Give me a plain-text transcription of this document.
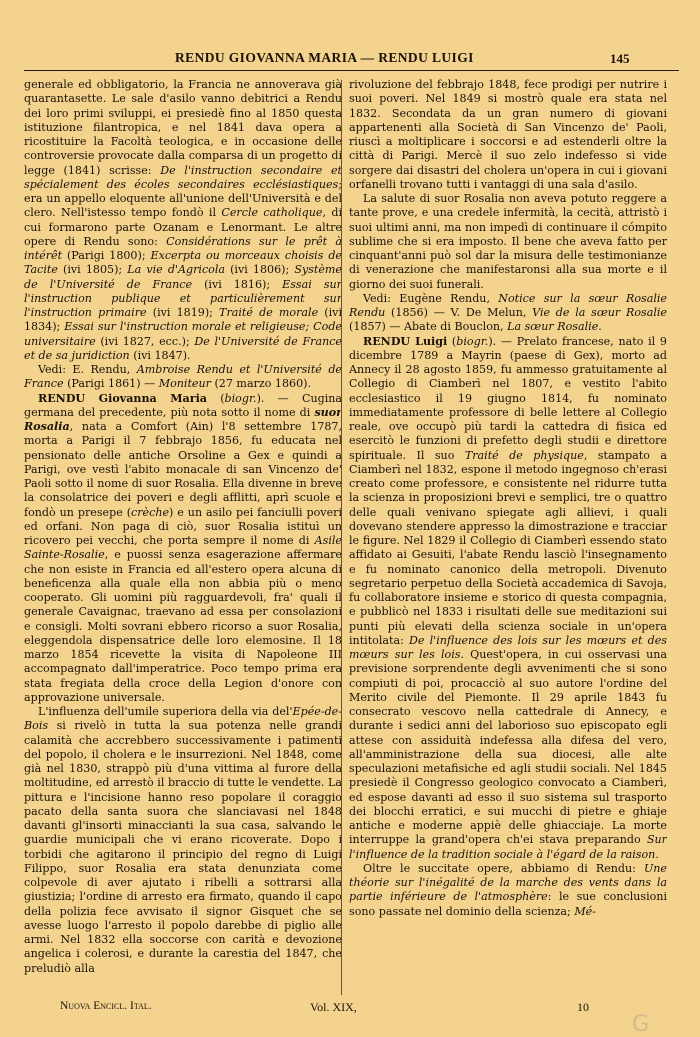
RENDU GIOVANNA MARIA — RENDU LUIGI	145

generale ed obbligatorio, la Francia ne annoverava già quarantasette. Le sale d'asilo vanno debitrici a Rendu dei loro primi sviluppi, ei presiedè fino al 1850 questa istituzione filantropica, e nel 1841 dava opera a ricostituire la Facoltà teologica, e in occasione delle controversie provocate dalla comparsa di un progetto di legge (1841) scrisse: De l'instruction secondaire et spécialement des écoles secondaires ecclésiastiques; era un appello eloquente all'unione dell'Università e del clero. Nell'istesso tempo fondò il Cercle catholique, di cui formarono parte Ozanam e Lenormant. Le altre opere di Rendu sono: Considérations sur le prêt à intérêt (Parigi 1800); Excerpta ou morceaux choisis de Tacite (ivi 1805); La vie d'Agricola (ivi 1806); Système de l'Université de France (ivi 1816); Essai sur l'instruction publique et particulièrement sur l'instruction primaire (ivi 1819); Traité de morale (ivi 1834); Essai sur l'instruction morale et religieuse; Code universitaire (ivi 1827, ecc.); De l'Université de France et de sa juridiction (ivi 1847).

Vedi: E. Rendu, Ambroise Rendu et l'Université de France (Parigi 1861) — Moniteur (27 marzo 1860).

RENDU Giovanna Maria (biogr.). — Cugina germana del precedente, più nota sotto il nome di suor Rosalia, nata a Comfort (Ain) l'8 settembre 1787, morta a Parigi il 7 febbrajo 1856, fu educata nel pensionato delle antiche Orsoline a Gex e quindi a Parigi, ove vestì l'abito monacale di san Vincenzo de' Paoli sotto il nome di suor Rosalia. Ella divenne in breve la consolatrice dei poveri e degli afflitti, aprì scuole e fondò un presepe (crèche) e un asilo pei fanciulli poveri ed orfani. Non paga di ciò, suor Rosalia istituì un ricovero pei vecchi, che porta sempre il nome di Asile Sainte-Rosalie, e puossi senza esagerazione affermare che non esiste in Francia ed all'estero opera alcuna di beneficenza alla quale ella non abbia più o meno cooperato. Gli uomini più ragguardevoli, fra' quali il generale Cavaignac, traevano ad essa per consolazioni e consigli. Molti sovrani ebbero ricorso a suor Rosalia, eleggendola dispensatrice delle loro elemosine. Il 18 marzo 1854 ricevette la visita di Napoleone III accompagnato dall'imperatrice. Poco tempo prima era stata fregiata della croce della Legion d'onore con approvazione universale.

L'influenza dell'umile superiora della via del'Epée-de-Bois si rivelò in tutta la sua potenza nelle grandi calamità che accrebbero successivamente i patimenti del popolo, il cholera e le insurrezioni. Nel 1848, come già nel 1830, strappò più d'una vittima al furore della moltitudine, ed arrestò il braccio di tutte le vendette. La pittura e l'incisione hanno reso popolare il coraggio pacato della santa suora che slanciavasi nel 1848 davanti gl'insorti minaccianti la sua casa, salvando le guardie municipali che vi erano ricoverate. Dopo i torbidi che agitarono il principio del regno di Luigi Filippo, suor Rosalia era stata denunziata come colpevole di aver ajutato i ribelli a sottrarsi alla giustizia; l'ordine di arresto era firmato, quando il capo della polizia fece avvisato il signor Gisquet che se avesse luogo l'arresto il popolo darebbe di piglio alle armi. Nel 1832 ella soccorse con carità e devozione angelica i colerosi, e durante la carestia del 1847, che preludiò alla

rivoluzione del febbrajo 1848, fece prodigi per nutrire i suoi poveri. Nel 1849 si mostrò quale era stata nel 1832. Secondata da un gran numero di giovani appartenenti alla Società di San Vincenzo de' Paoli, riuscì a moltiplicare i soccorsi e ad estenderli oltre la città di Parigi. Mercè il suo zelo indefesso si vide sorgere dai disastri del cholera un'opera in cui i giovani orfanelli trovano tutti i vantaggi di una sala d'asilo.

La salute di suor Rosalia non aveva potuto reggere a tante prove, e una credele infermità, la cecità, attristò i suoi ultimi anni, ma non impedì di continuare il cómpito sublime che si era imposto. Il bene che aveva fatto per cinquant'anni può sol dar la misura delle testimonianze di venerazione che manifestaronsi alla sua morte e il giorno dei suoi funerali.

Vedi: Eugène Rendu, Notice sur la sœur Rosalie Rendu (1856) — V. De Melun, Vie de la sœur Rosalie (1857) — Abate di Bouclon, La sœur Rosalie.

RENDU Luigi (biogr.). — Prelato francese, nato il 9 dicembre 1789 a Mayrin (paese di Gex), morto ad Annecy il 28 agosto 1859, fu ammesso gratuitamente al Collegio di Ciamberì nel 1807, e vestito l'abito ecclesiastico il 19 giugno 1814, fu nominato immediatamente professore di belle lettere al Collegio reale, ove occupò più tardi la cattedra di fisica ed esercitò le funzioni di prefetto degli studii e direttore spirituale. Il suo Traité de physique, stampato a Ciamberì nel 1832, espone il metodo ingegnoso ch'erasi creato come professore, e consistente nel ridurre tutta la scienza in proposizioni brevi e semplici, tre o quattro delle quali venivano spiegate agli allievi, i quali dovevano stendere appresso la dimostrazione e tracciar le figure. Nel 1829 il Collegio di Ciamberì essendo stato affidato ai Gesuiti, l'abate Rendu lasciò l'insegnamento e fu nominato canonico della metropoli. Divenuto segretario perpetuo della Società accademica di Savoja, fu collaboratore insieme e storico di questa compagnia, e pubblicò nel 1833 i risultati delle sue meditazioni sui punti più elevati della scienza sociale in un'opera intitolata: De l'influence des lois sur les mœurs et des mœurs sur les lois. Quest'opera, in cui osservasi una previsione sorprendente degli avvenimenti che si sono compiuti di poi, procacciò al suo autore l'ordine del Merito civile del Piemonte. Il 29 aprile 1843 fu consecrato vescovo nella cattedrale di Annecy, e durante i sedici anni del laborioso suo episcopato egli attese con assiduità indefessa alla difesa del vero, all'amministrazione della sua diocesi, alle alte speculazioni metafisiche ed agli studii sociali. Nel 1845 presiedè il Congresso geologico convocato a Ciamberì, ed espose davanti ad esso il suo sistema sul trasporto dei blocchi erratici, e sui mucchi di pietre e ghiaje antiche e moderne appiè delle ghiacciaje. La morte interruppe la grand'opera ch'ei stava preparando Sur l'influence de la tradition sociale à l'égard de la raison.

Oltre le succitate opere, abbiamo di Rendu: Une théorie sur l'inégalité de la marche des vents dans la partie inférieure de l'atmosphère: le sue conclusioni sono passate nel dominio della scienza; Mé-

Nuova Encicl. Ital.	Vol. XIX,	10
G
